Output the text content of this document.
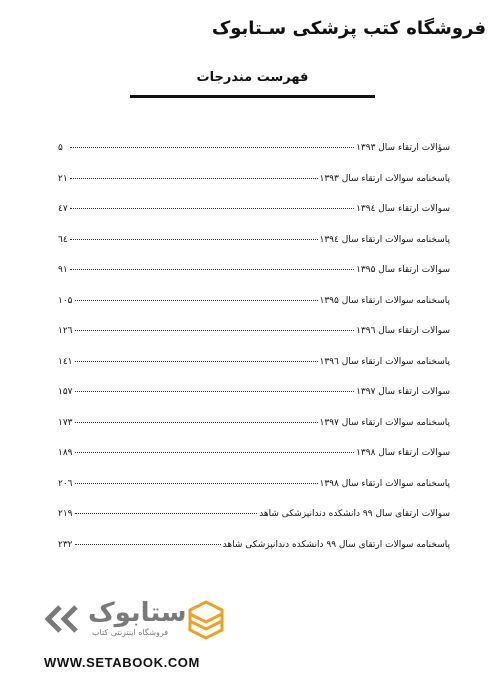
فروشگاه کتب پزشکی سـتابوک
فهرست مندرجات
سؤالات ارتقاء سال ۱۳۹۳
۵
پاسخنامه سوالات ارتقاء سال ۱۳۹۳
۲۱
سوالات ارتقاء سال ۱۳۹٤
٤۷
پاسخنامه سوالات ارتقاء سال ۱۳۹٤
٦٤
سوالات ارتقاء سال ۱۳۹۵
۹۱
پاسخنامه سوالات ارتقاء سال ۱۳۹۵
۱۰۵
سوالات ارتقاء سال ۱۳۹٦
۱۲٦
پاسخنامه سوالات ارتقاء سال ۱۳۹٦
۱٤۱
سوالات ارتقاء سال ۱۳۹۷
۱۵۷
پاسخنامه سوالات ارتقاء سال ۱۳۹۷
۱۷۳
سوالات ارتقاء سال ۱۳۹۸
۱۸۹
پاسخنامه سوالات ارتقاء سال ۱۳۹۸
۲۰٦
سوالات ارتقای سال ۹۹ دانشکده دندانپزشکی شاهد
۲۱۹
پاسخنامه سوالات ارتقای سال ۹۹ دانشکده دندانپزشکی شاهد
۲۳۲
ستابوک
فروشگاه اینترنتی کتاب
WWW.SETABOOK.COM
